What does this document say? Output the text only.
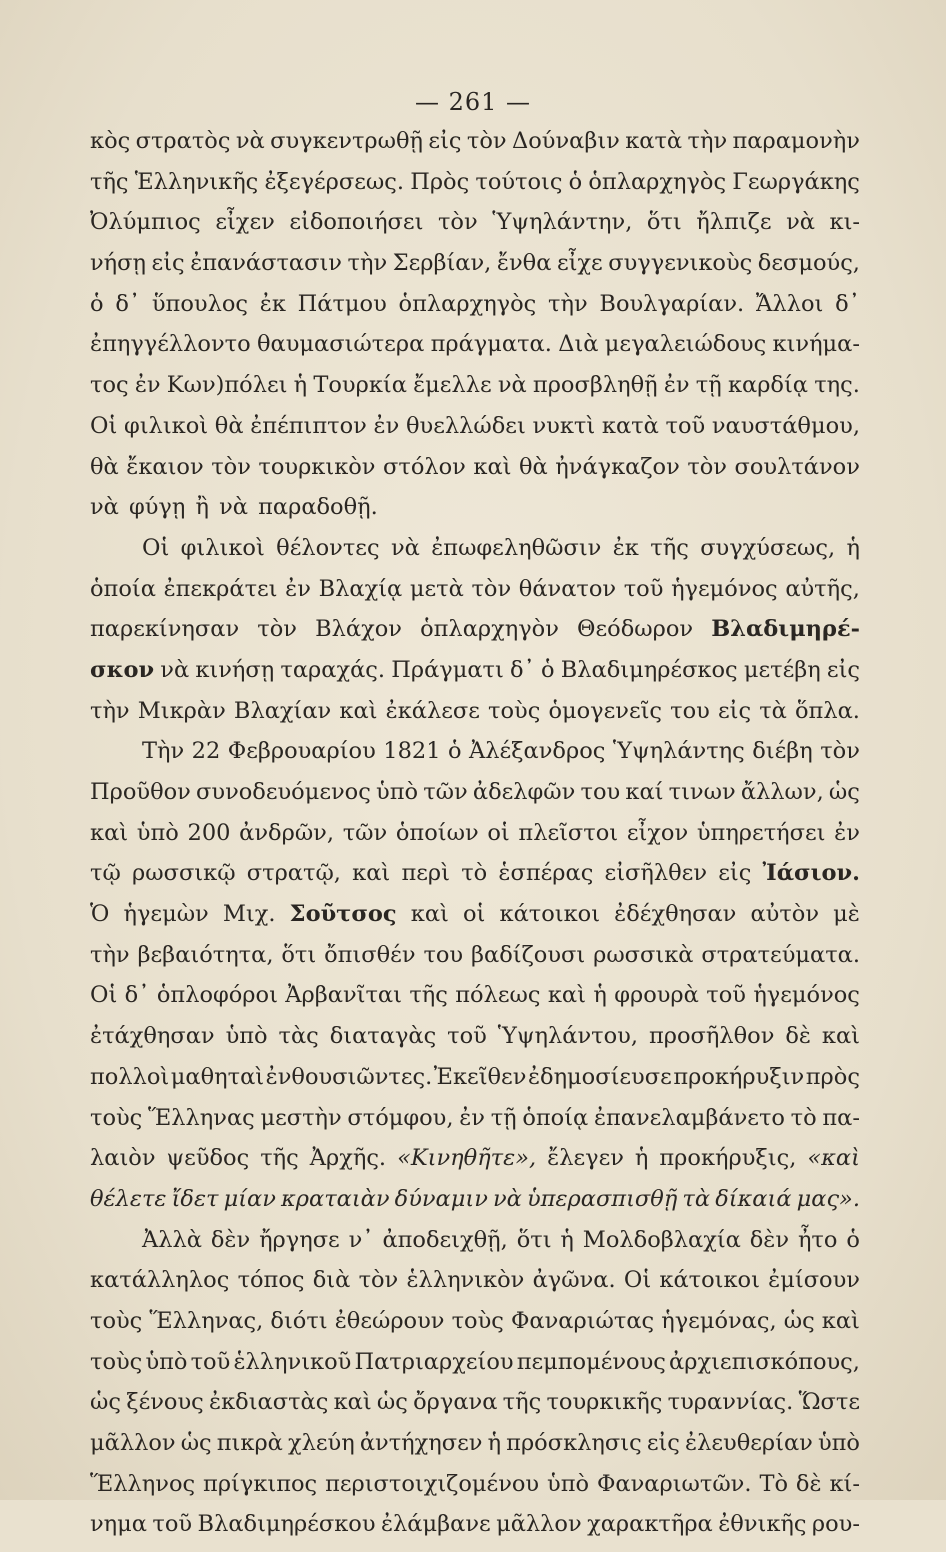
— 261 —
κὸς στρατὸς νὰ συγκεντρωθῇ εἰς τὸν Δούναβιν κατὰ τὴν παραμονὴν
τῆς Ἑλληνικῆς ἐξεγέρσεως. Πρὸς τούτοις ὁ ὁπλαρχηγὸς Γεωργάκης
Ὀλύμπιος εἶχεν εἰδοποιήσει τὸν Ὑψηλάντην, ὅτι ἤλπιζε νὰ κι-
νήσῃ εἰς ἐπανάστασιν τὴν Σερβίαν, ἔνθα εἶχε συγγενικοὺς δεσμούς,
ὁ δ᾽ ὕπουλος ἐκ Πάτμου ὁπλαρχηγὸς τὴν Βουλγαρίαν. Ἄλλοι δ᾽
ἐπηγγέλλοντο θαυμασιώτερα πράγματα. Διὰ μεγαλειώδους κινήμα-
τος ἐν Κων)πόλει ἡ Τουρκία ἔμελλε νὰ προσβληθῇ ἐν τῇ καρδίᾳ της.
Οἱ φιλικοὶ θὰ ἐπέπιπτον ἐν θυελλώδει νυκτὶ κατὰ τοῦ ναυστάθμου,
θὰ ἔκαιον τὸν τουρκικὸν στόλον καὶ θὰ ἠνάγκαζον τὸν σουλτάνον
νὰ φύγῃ ἢ νὰ παραδοθῇ.
Οἱ φιλικοὶ θέλοντες νὰ ἐπωφεληθῶσιν ἐκ τῆς συγχύσεως, ἡ
ὁποία ἐπεκράτει ἐν Βλαχίᾳ μετὰ τὸν θάνατον τοῦ ἡγεμόνος αὐτῆς,
παρεκίνησαν τὸν Βλάχον ὁπλαρχηγὸν Θεόδωρον Βλαδιμηρέ-
σκον νὰ κινήσῃ ταραχάς. Πράγματι δ᾽ ὁ Βλαδιμηρέσκος μετέβη εἰς
τὴν Μικρὰν Βλαχίαν καὶ ἐκάλεσε τοὺς ὁμογενεῖς του εἰς τὰ ὅπλα.
Τὴν 22 Φεβρουαρίου 1821 ὁ Ἀλέξανδρος Ὑψηλάντης διέβη τὸν
Προῦθον συνοδευόμενος ὑπὸ τῶν ἀδελφῶν του καί τινων ἄλλων, ὡς
καὶ ὑπὸ 200 ἀνδρῶν, τῶν ὁποίων οἱ πλεῖστοι εἶχον ὑπηρετήσει ἐν
τῷ ρωσσικῷ στρατῷ, καὶ περὶ τὸ ἑσπέρας εἰσῆλθεν εἰς Ἰάσιον.
Ὁ ἡγεμὼν Μιχ. Σοῦτσος καὶ οἱ κάτοικοι ἐδέχθησαν αὐτὸν μὲ
τὴν βεβαιότητα, ὅτι ὄπισθέν του βαδίζουσι ρωσσικὰ στρατεύματα.
Οἱ δ᾽ ὁπλοφόροι Ἀρβανῖται τῆς πόλεως καὶ ἡ φρουρὰ τοῦ ἡγεμόνος
ἐτάχθησαν ὑπὸ τὰς διαταγὰς τοῦ Ὑψηλάντου, προσῆλθον δὲ καὶ
πολλοὶ μαθηταὶ ἐνθουσιῶντες. Ἐκεῖθεν ἐδημοσίευσε προκήρυξιν πρὸς
τοὺς Ἕλληνας μεστὴν στόμφου, ἐν τῇ ὁποίᾳ ἐπανελαμβάνετο τὸ πα-
λαιὸν ψεῦδος τῆς Ἀρχῆς. «Κινηθῆτε», ἔλεγεν ἡ προκήρυξις, «καὶ
θέλετε ἴδετ μίαν κραταιὰν δύναμιν νὰ ὑπερασπισθῇ τὰ δίκαιά μας».
Ἀλλὰ δὲν ἤργησε ν᾽ ἀποδειχθῇ, ὅτι ἡ Μολδοβλαχία δὲν ἦτο ὁ
κατάλληλος τόπος διὰ τὸν ἑλληνικὸν ἀγῶνα. Οἱ κάτοικοι ἐμίσουν
τοὺς Ἕλληνας, διότι ἐθεώρουν τοὺς Φαναριώτας ἡγεμόνας, ὡς καὶ
τοὺς ὑπὸ τοῦ ἑλληνικοῦ Πατριαρχείου πεμπομένους ἀρχιεπισκόπους,
ὡς ξένους ἐκδιαστὰς καὶ ὡς ὄργανα τῆς τουρκικῆς τυραννίας. Ὥστε
μᾶλλον ὡς πικρὰ χλεύη ἀντήχησεν ἡ πρόσκλησις εἰς ἐλευθερίαν ὑπὸ
Ἕλληνος πρίγκιπος περιστοιχιζομένου ὑπὸ Φαναριωτῶν. Τὸ δὲ κί-
νημα τοῦ Βλαδιμηρέσκου ἐλάμβανε μᾶλλον χαρακτῆρα ἐθνικῆς ρου-
